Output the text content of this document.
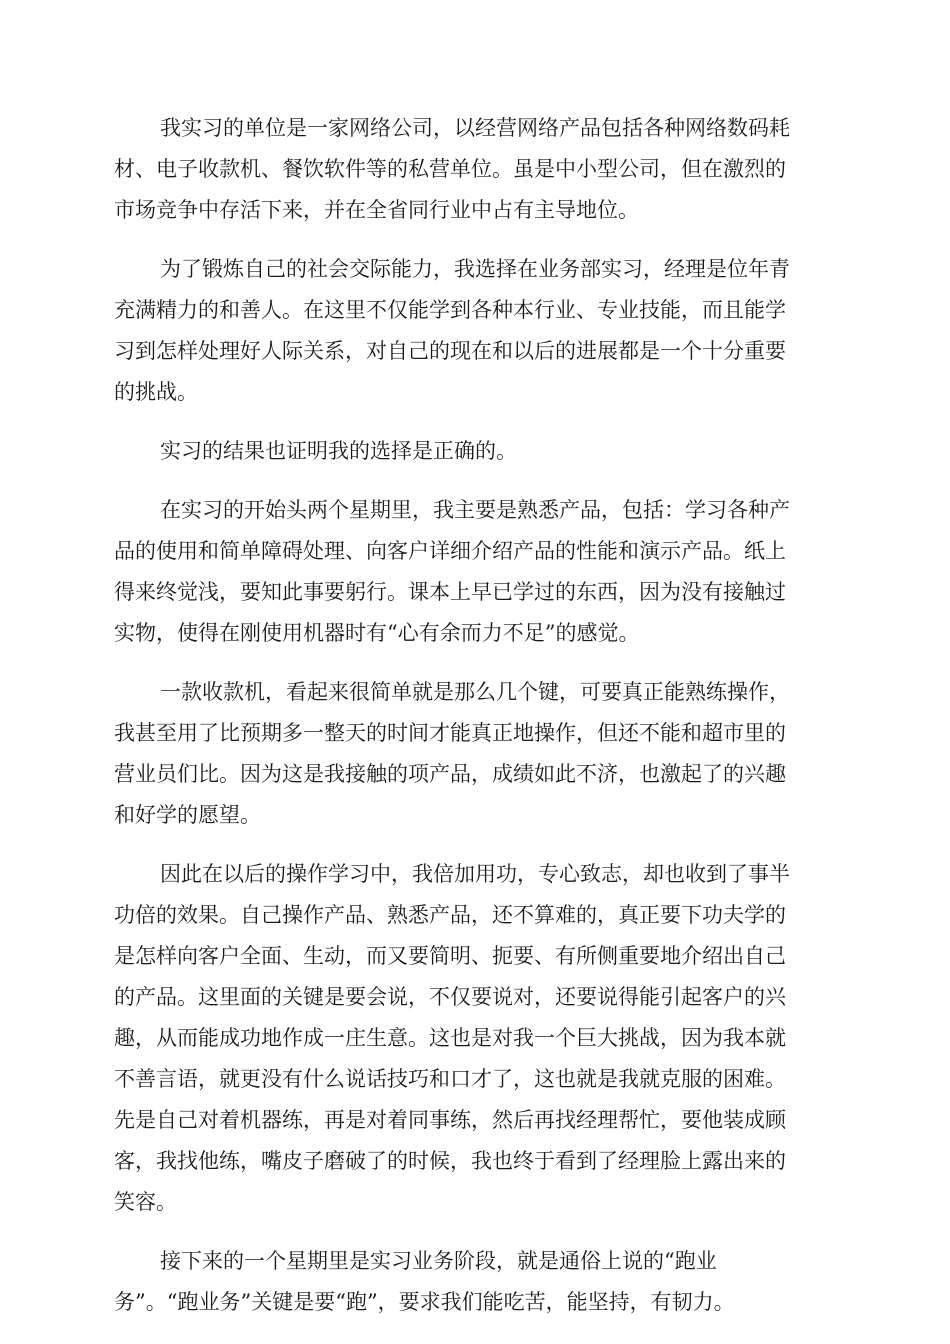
我实习的单位是一家网络公司，以经营网络产品包括各种网络数码耗
材、电子收款机、餐饮软件等的私营单位。虽是中小型公司，但在激烈的
市场竞争中存活下来，并在全省同行业中占有主导地位。

为了锻炼自己的社会交际能力，我选择在业务部实习，经理是位年青
充满精力的和善人。在这里不仅能学到各种本行业、专业技能，而且能学
习到怎样处理好人际关系，对自己的现在和以后的进展都是一个十分重要
的挑战。

实习的结果也证明我的选择是正确的。

在实习的开始头两个星期里，我主要是熟悉产品，包括：学习各种产
品的使用和简单障碍处理、向客户详细介绍产品的性能和演示产品。纸上
得来终觉浅，要知此事要躬行。课本上早已学过的东西，因为没有接触过
实物，使得在刚使用机器时有“心有余而力不足”的感觉。

一款收款机，看起来很简单就是那么几个键，可要真正能熟练操作，
我甚至用了比预期多一整天的时间才能真正地操作，但还不能和超市里的
营业员们比。因为这是我接触的项产品，成绩如此不济，也激起了的兴趣
和好学的愿望。

因此在以后的操作学习中，我倍加用功，专心致志，却也收到了事半
功倍的效果。自己操作产品、熟悉产品，还不算难的，真正要下功夫学的
是怎样向客户全面、生动，而又要简明、扼要、有所侧重要地介绍出自己
的产品。这里面的关键是要会说，不仅要说对，还要说得能引起客户的兴
趣，从而能成功地作成一庄生意。这也是对我一个巨大挑战，因为我本就
不善言语，就更没有什么说话技巧和口才了，这也就是我就克服的困难。
先是自己对着机器练，再是对着同事练，然后再找经理帮忙，要他装成顾
客，我找他练，嘴皮子磨破了的时候，我也终于看到了经理脸上露出来的
笑容。

接下来的一个星期里是实习业务阶段，就是通俗上说的“跑业
务”。“跑业务”关键是要“跑”，要求我们能吃苦，能坚持，有韧力。
